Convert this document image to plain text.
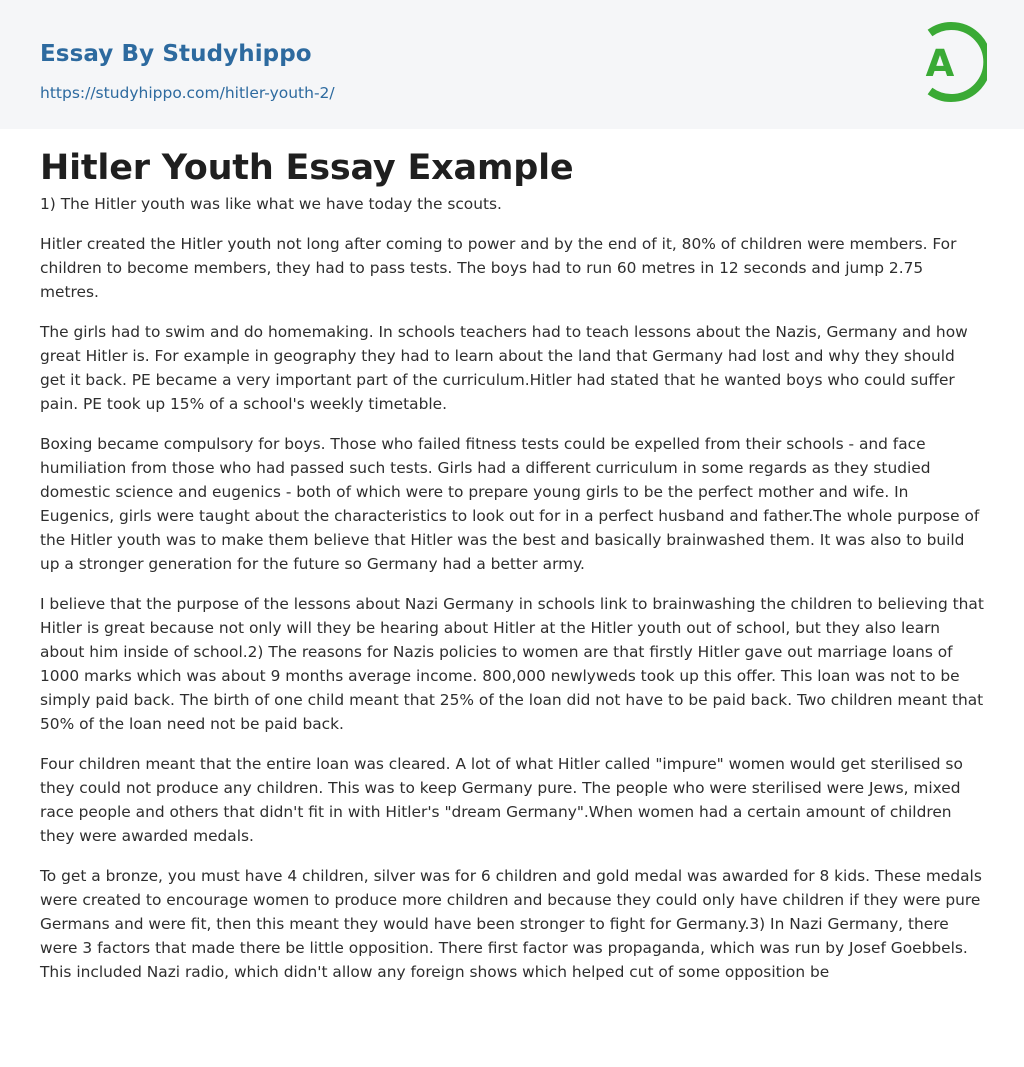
Essay By Studyhippo
https://studyhippo.com/hitler-youth-2/
A
Hitler Youth Essay Example

1) The Hitler youth was like what we have today the scouts.

Hitler created the Hitler youth not long after coming to power and by the end of it, 80% of children were members. For children to become members, they had to pass tests. The boys had to run 60 metres in 12 seconds and jump 2.75 metres.

The girls had to swim and do homemaking. In schools teachers had to teach lessons about the Nazis, Germany and how great Hitler is. For example in geography they had to learn about the land that Germany had lost and why they should get it back. PE became a very important part of the curriculum.Hitler had stated that he wanted boys who could suffer pain. PE took up 15% of a school's weekly timetable.

Boxing became compulsory for boys. Those who failed fitness tests could be expelled from their schools - and face humiliation from those who had passed such tests. Girls had a different curriculum in some regards as they studied domestic science and eugenics - both of which were to prepare young girls to be the perfect mother and wife. In Eugenics, girls were taught about the characteristics to look out for in a perfect husband and father.The whole purpose of the Hitler youth was to make them believe that Hitler was the best and basically brainwashed them. It was also to build up a stronger generation for the future so Germany had a better army.

I believe that the purpose of the lessons about Nazi Germany in schools link to brainwashing the children to believing that Hitler is great because not only will they be hearing about Hitler at the Hitler youth out of school, but they also learn about him inside of school.2) The reasons for Nazis policies to women are that firstly Hitler gave out marriage loans of 1000 marks which was about 9 months average income. 800,000 newlyweds took up this offer. This loan was not to be simply paid back. The birth of one child meant that 25% of the loan did not have to be paid back. Two children meant that 50% of the loan need not be paid back.

Four children meant that the entire loan was cleared. A lot of what Hitler called "impure" women would get sterilised so they could not produce any children. This was to keep Germany pure. The people who were sterilised were Jews, mixed race people and others that didn't fit in with Hitler's "dream Germany".When women had a certain amount of children they were awarded medals.

To get a bronze, you must have 4 children, silver was for 6 children and gold medal was awarded for 8 kids. These medals were created to encourage women to produce more children and because they could only have children if they were pure Germans and were fit, then this meant they would have been stronger to fight for Germany.3) In Nazi Germany, there were 3 factors that made there be little opposition. There first factor was propaganda, which was run by Josef Goebbels. This included Nazi radio, which didn't allow any foreign shows which helped cut of some opposition be
